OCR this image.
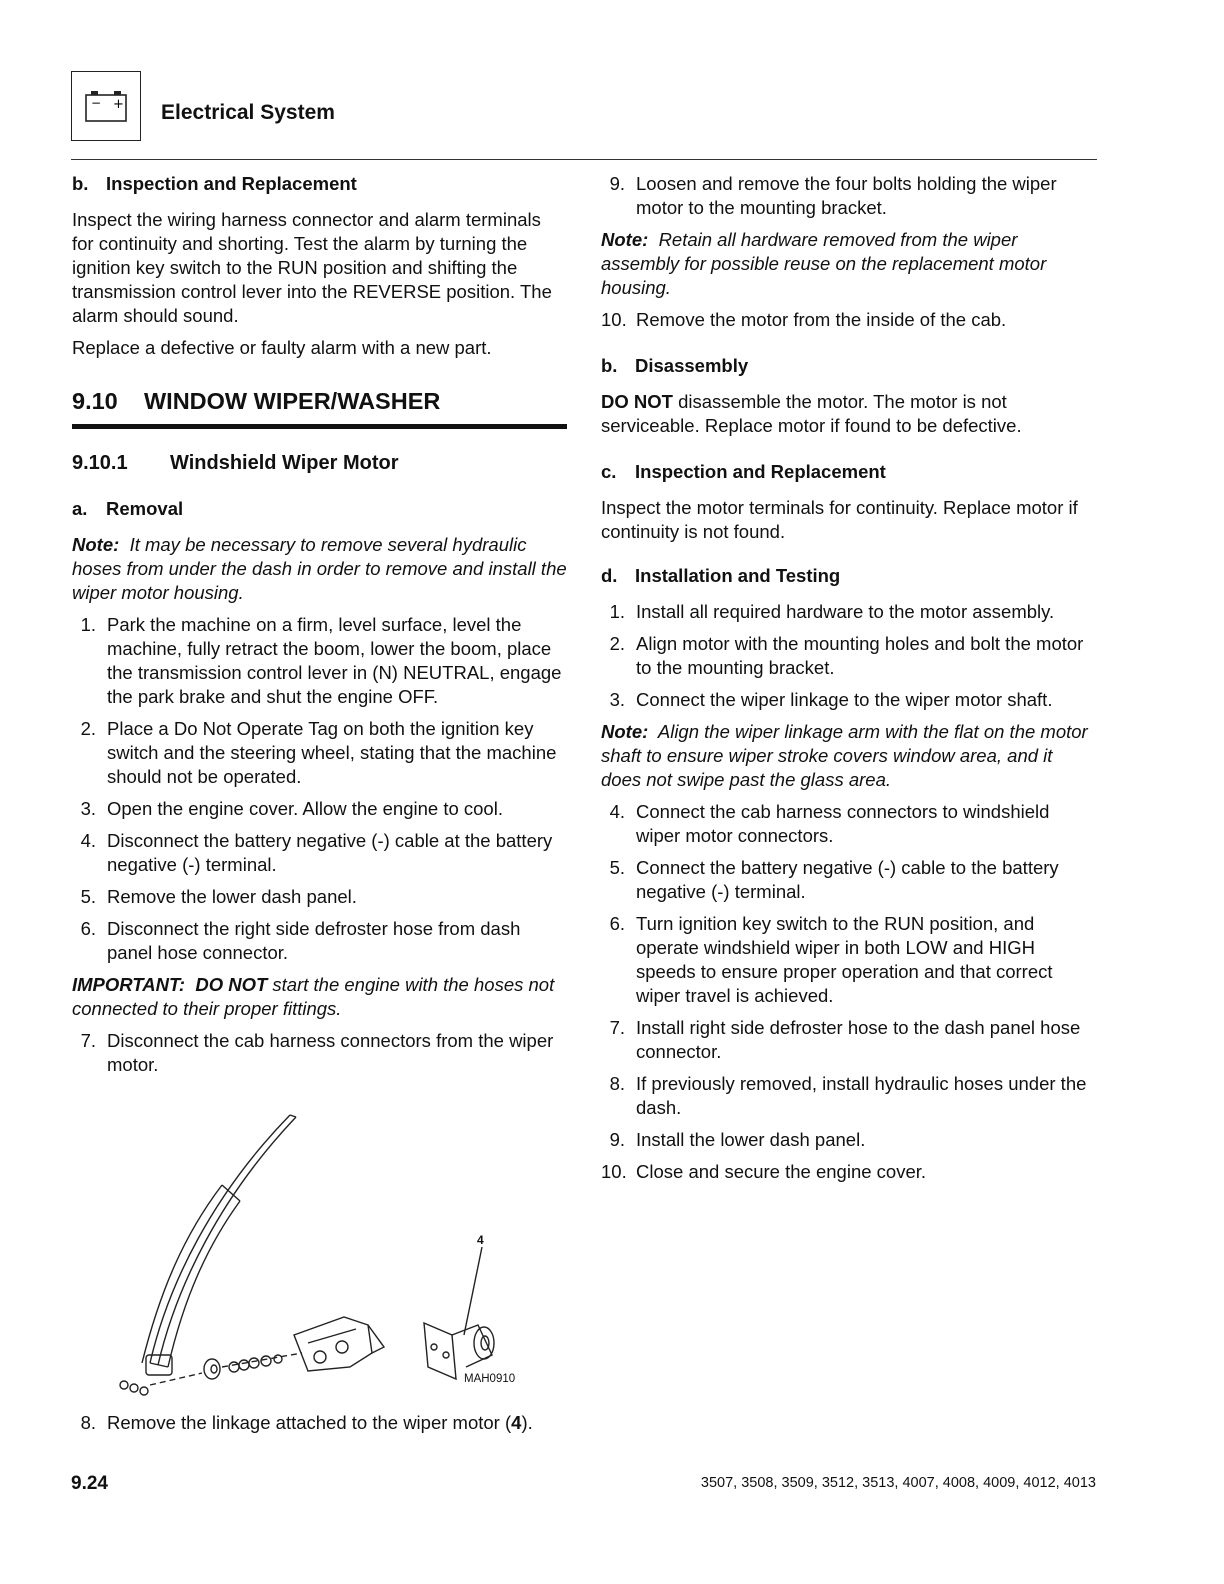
− + Electrical System
b. Inspection and Replacement

Inspect the wiring harness connector and alarm terminals for continuity and shorting. Test the alarm by turning the ignition key switch to the RUN position and shifting the transmission control lever into the REVERSE position. The alarm should sound.

Replace a defective or faulty alarm with a new part.

9.10 WINDOW WIPER/WASHER
9.10.1 Windshield Wiper Motor
a. Removal

Note: It may be necessary to remove several hydraulic hoses from under the dash in order to remove and install the wiper motor housing.

1. Park the machine on a firm, level surface, level the machine, fully retract the boom, lower the boom, place the transmission control lever in (N) NEUTRAL, engage the park brake and shut the engine OFF.
2. Place a Do Not Operate Tag on both the ignition key switch and the steering wheel, stating that the machine should not be operated.
3. Open the engine cover. Allow the engine to cool.
4. Disconnect the battery negative (-) cable at the battery negative (-) terminal.
5. Remove the lower dash panel.
6. Disconnect the right side defroster hose from dash panel hose connector.

IMPORTANT: DO NOT start the engine with the hoses not connected to their proper fittings.

7. Disconnect the cab harness connectors from the wiper motor.
4
MAH0910
8. Remove the linkage attached to the wiper motor (4).
9. Loosen and remove the four bolts holding the wiper motor to the mounting bracket.

Note: Retain all hardware removed from the wiper assembly for possible reuse on the replacement motor housing.

10. Remove the motor from the inside of the cab.
b. Disassembly

DO NOT disassemble the motor. The motor is not serviceable. Replace motor if found to be defective.

c. Inspection and Replacement

Inspect the motor terminals for continuity. Replace motor if continuity is not found.

d. Installation and Testing
1. Install all required hardware to the motor assembly.
2. Align motor with the mounting holes and bolt the motor to the mounting bracket.
3. Connect the wiper linkage to the wiper motor shaft.

Note: Align the wiper linkage arm with the flat on the motor shaft to ensure wiper stroke covers window area, and it does not swipe past the glass area.

4. Connect the cab harness connectors to windshield wiper motor connectors.
5. Connect the battery negative (-) cable to the battery negative (-) terminal.
6. Turn ignition key switch to the RUN position, and operate windshield wiper in both LOW and HIGH speeds to ensure proper operation and that correct wiper travel is achieved.
7. Install right side defroster hose to the dash panel hose connector.
8. If previously removed, install hydraulic hoses under the dash.
9. Install the lower dash panel.
10. Close and secure the engine cover.
9.24	3507, 3508, 3509, 3512, 3513, 4007, 4008, 4009, 4012, 4013
